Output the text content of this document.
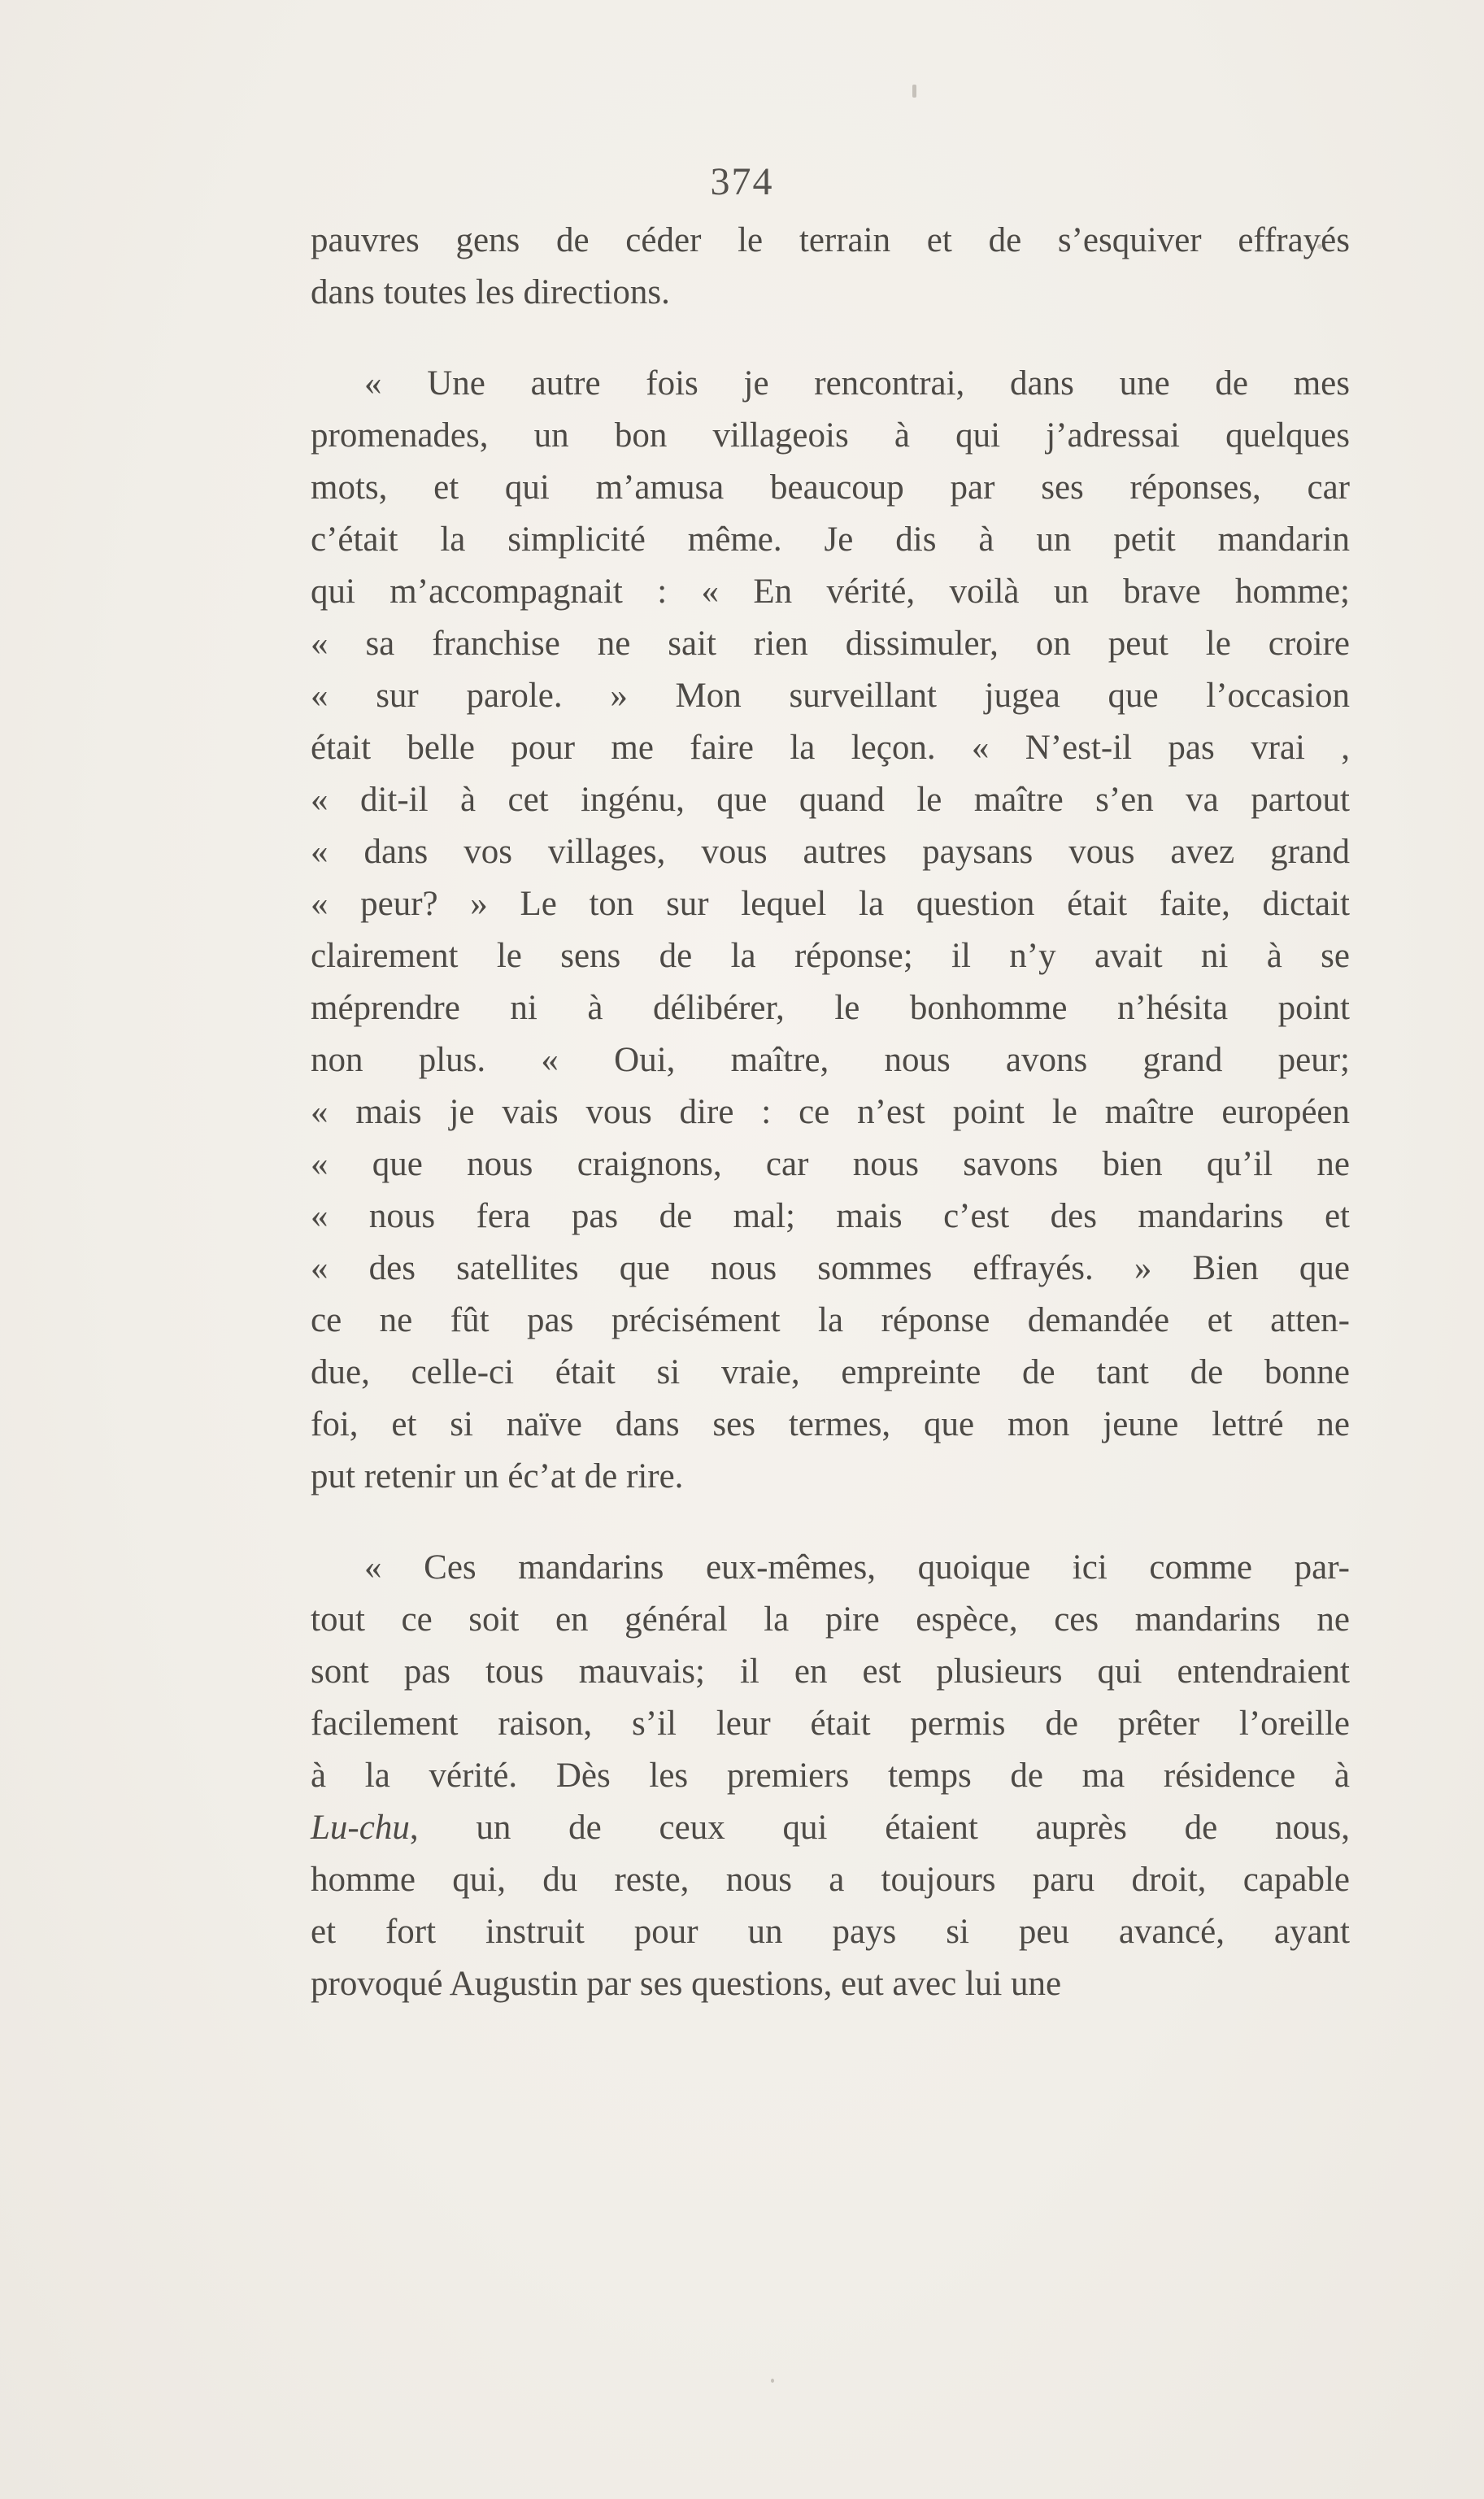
374
pauvres gens de céder le terrain et de s’esquiver effrayés
dans toutes les directions.
« Une autre fois je rencontrai, dans une de mes
promenades, un bon villageois à qui j’adressai quelques
mots, et qui m’amusa beaucoup par ses réponses, car
c’était la simplicité même. Je dis à un petit mandarin
qui m’accompagnait : « En vérité, voilà un brave homme;
« sa franchise ne sait rien dissimuler, on peut le croire
« sur parole. » Mon surveillant jugea que l’occasion
était belle pour me faire la leçon. « N’est-il pas vrai ,
« dit-il à cet ingénu, que quand le maître s’en va partout
« dans vos villages, vous autres paysans vous avez grand
« peur? » Le ton sur lequel la question était faite, dictait
clairement le sens de la réponse; il n’y avait ni à se
méprendre ni à délibérer, le bonhomme n’hésita point
non plus. « Oui, maître, nous avons grand peur;
« mais je vais vous dire : ce n’est point le maître européen
« que nous craignons, car nous savons bien qu’il ne
« nous fera pas de mal; mais c’est des mandarins et
« des satellites que nous sommes effrayés. » Bien que
ce ne fût pas précisément la réponse demandée et atten-
due, celle-ci était si vraie, empreinte de tant de bonne
foi, et si naïve dans ses termes, que mon jeune lettré ne
put retenir un éc’at de rire.
« Ces mandarins eux-mêmes, quoique ici comme par-
tout ce soit en général la pire espèce, ces mandarins ne
sont pas tous mauvais; il en est plusieurs qui entendraient
facilement raison, s’il leur était permis de prêter l’oreille
à la vérité. Dès les premiers temps de ma résidence à
Lu-chu, un de ceux qui étaient auprès de nous,
homme qui, du reste, nous a toujours paru droit, capable
et fort instruit pour un pays si peu avancé, ayant
provoqué Augustin par ses questions, eut avec lui une
